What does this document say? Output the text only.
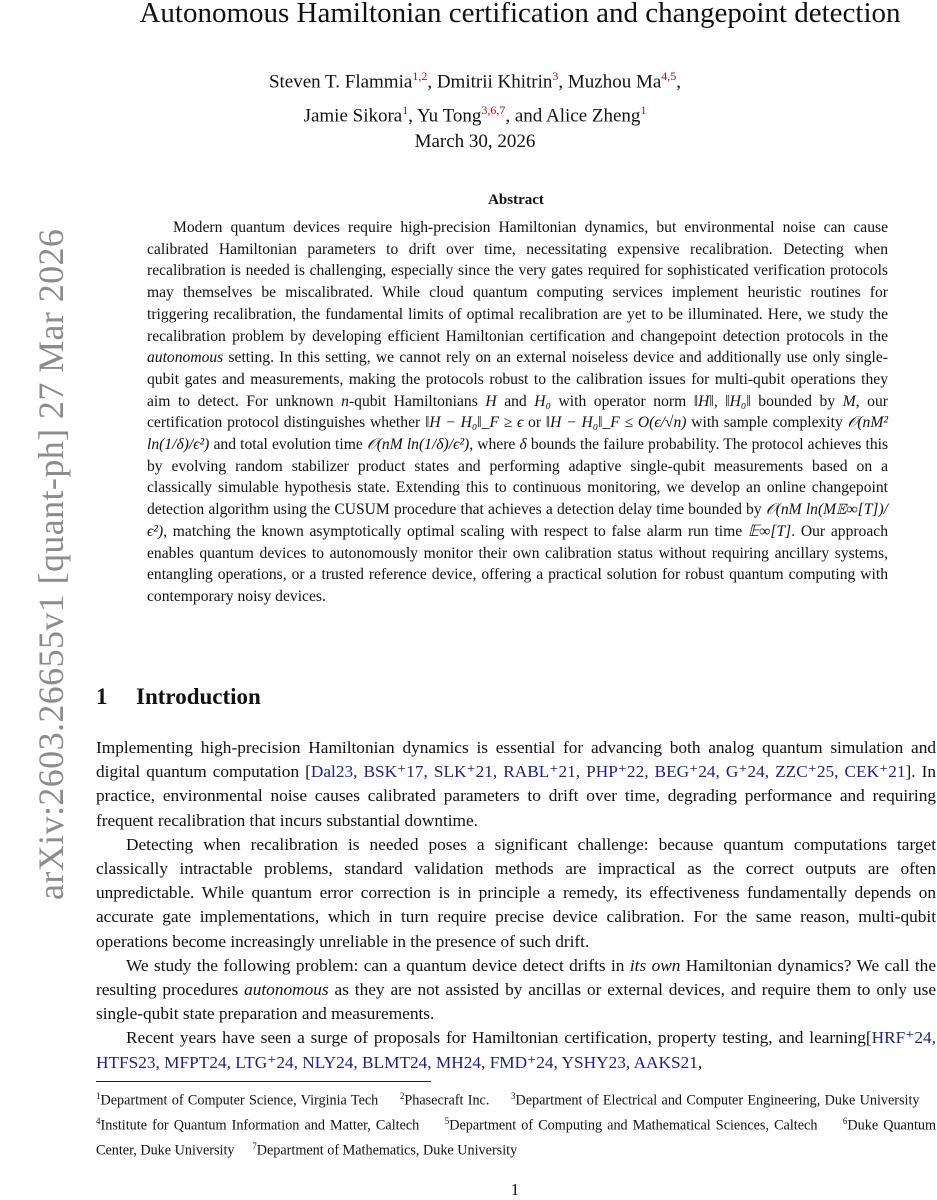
arXiv:2603.26655v1 [quant-ph] 27 Mar 2026
Autonomous Hamiltonian certification and changepoint detection
Steven T. Flammia$^{1,2}$, Dmitrii Khitrin$^3$, Muzhou Ma$^{4,5}$,
Jamie Sikora$^1$, Yu Tong$^{3,6,7}$, and Alice Zheng$^1$
March 30, 2026
Abstract

Modern quantum devices require high-precision Hamiltonian dynamics, but environmental noise can cause calibrated Hamiltonian parameters to drift over time, necessitating expensive recalibration. Detecting when recalibration is needed is challenging, especially since the very gates required for sophisticated verification protocols may themselves be miscalibrated. While cloud quantum computing services implement heuristic routines for triggering recalibration, the fundamental limits of optimal recalibration are yet to be illuminated. Here, we study the recalibration problem by developing efficient Hamiltonian certification and changepoint detection protocols in the autonomous setting. In this setting, we cannot rely on an external noiseless device and additionally use only single-qubit gates and measurements, making the protocols robust to the calibration issues for multi-qubit operations they aim to detect. For unknown n-qubit Hamiltonians H and H₀ with operator norm ‖H‖, ‖H₀‖ bounded by M, our certification protocol distinguishes whether ‖H − H₀‖_F ≥ ϵ or ‖H − H₀‖_F ≤ O(ϵ/√n) with sample complexity 𝒪(nM² ln(1/δ)/ϵ²) and total evolution time 𝒪(nM ln(1/δ)/ϵ²), where δ bounds the failure probability. The protocol achieves this by evolving random stabilizer product states and performing adaptive single-qubit measurements based on a classically simulable hypothesis state. Extending this to continuous monitoring, we develop an online changepoint detection algorithm using the CUSUM procedure that achieves a detection delay time bounded by 𝒪(nM ln(M𝔼∞[T])/ϵ²), matching the known asymptotically optimal scaling with respect to false alarm run time 𝔼∞[T]. Our approach enables quantum devices to autonomously monitor their own calibration status without requiring ancillary systems, entangling operations, or a trusted reference device, offering a practical solution for robust quantum computing with contemporary noisy devices.

1 Introduction

Implementing high-precision Hamiltonian dynamics is essential for advancing both analog quantum simulation and digital quantum computation [Dal23, BSK⁺17, SLK⁺21, RABL⁺21, PHP⁺22, BEG⁺24, G⁺24, ZZC⁺25, CEK⁺21]. In practice, environmental noise causes calibrated parameters to drift over time, degrading performance and requiring frequent recalibration that incurs substantial downtime.

Detecting when recalibration is needed poses a significant challenge: because quantum computations target classically intractable problems, standard validation methods are impractical as the correct outputs are often unpredictable. While quantum error correction is in principle a remedy, its effectiveness fundamentally depends on accurate gate implementations, which in turn require precise device calibration. For the same reason, multi-qubit operations become increasingly unreliable in the presence of such drift.

We study the following problem: can a quantum device detect drifts in its own Hamiltonian dynamics? We call the resulting procedures autonomous as they are not assisted by ancillas or external devices, and require them to only use single-qubit state preparation and measurements.

Recent years have seen a surge of proposals for Hamiltonian certification, property testing, and learning[HRF⁺24, HTFS23, MFPT24, LTG⁺24, NLY24, BLMT24, MH24, FMD⁺24, YSHY23, AAKS21,

$^1$Department of Computer Science, Virginia Tech $^2$Phasecraft Inc. $^3$Department of Electrical and Computer Engineering, Duke University     $^4$Institute for Quantum Information and Matter, Caltech	$^5$Department of Computing and Mathematical Sciences, Caltech	$^6$Duke Quantum Center, Duke University $^7$Department of Mathematics, Duke University
1
